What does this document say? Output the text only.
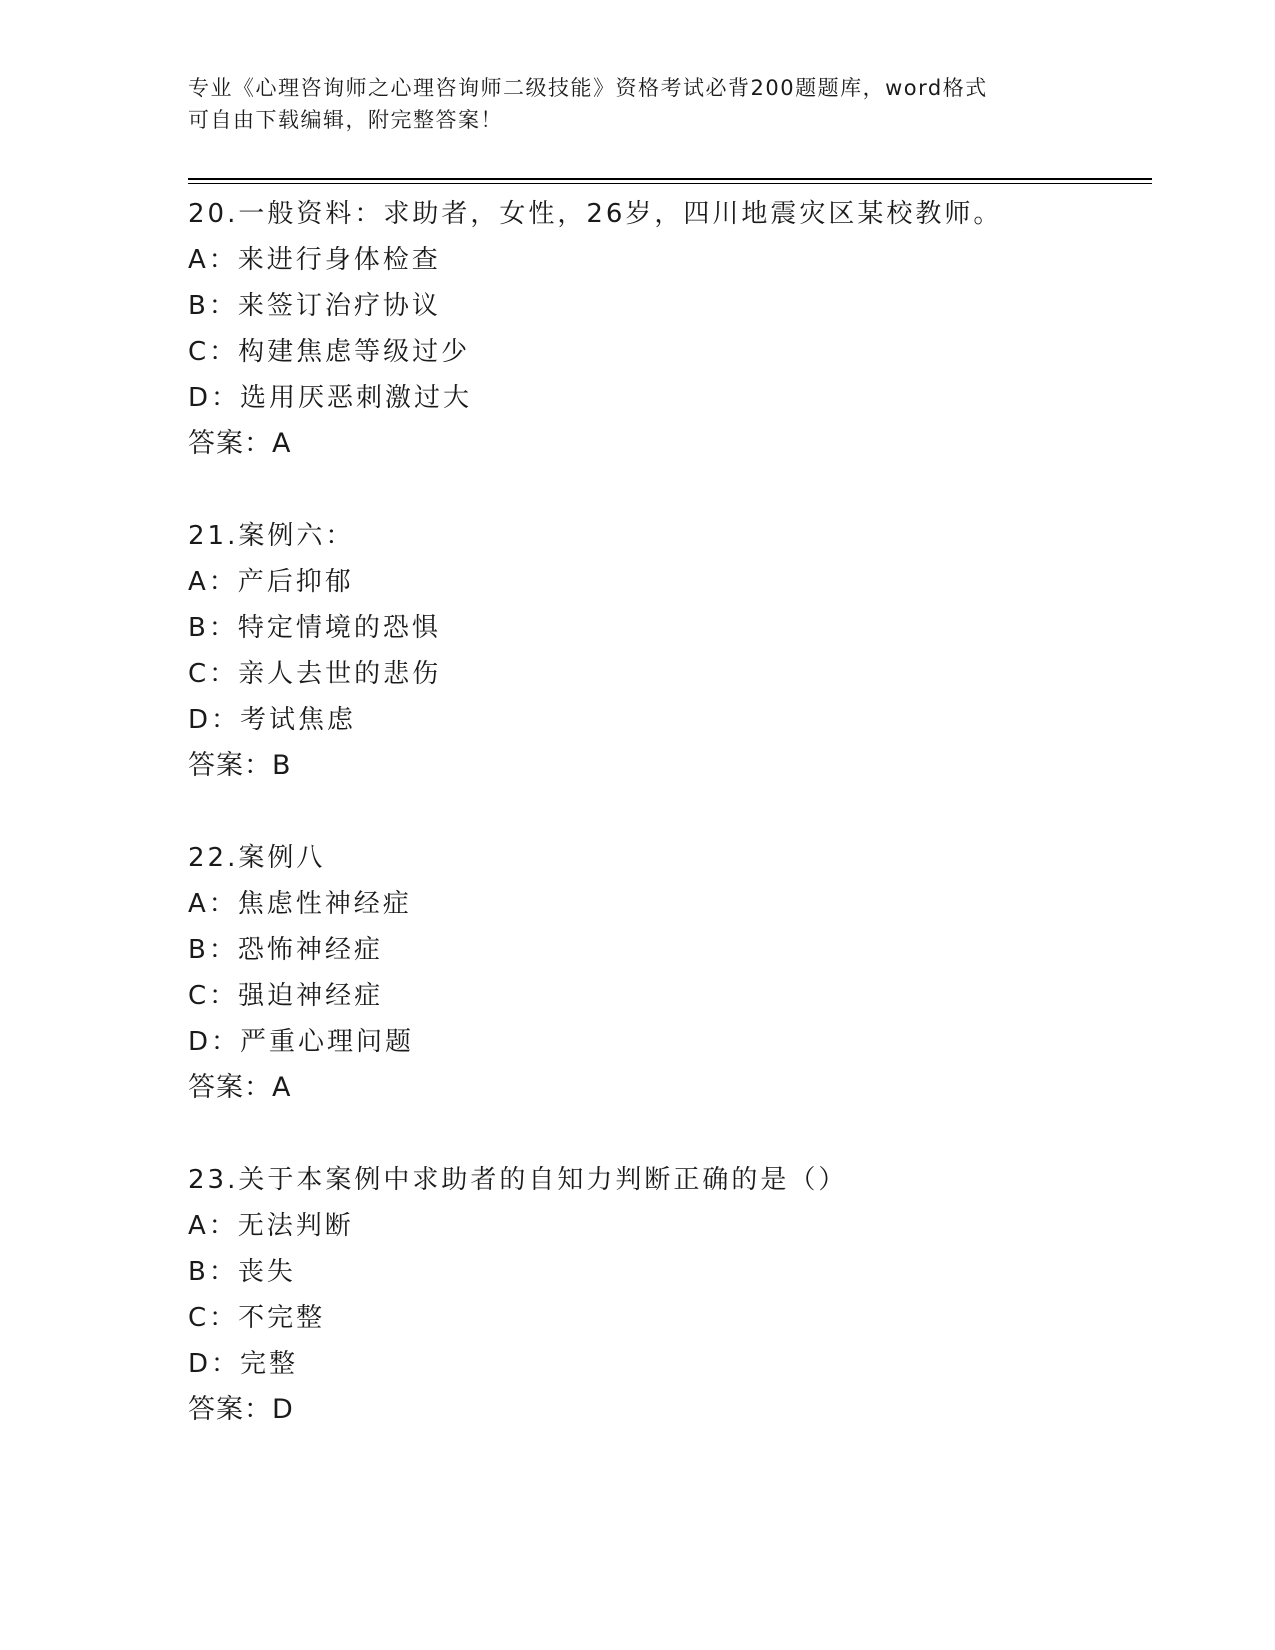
专业《心理咨询师之心理咨询师二级技能》资格考试必背200题题库，word格式
可自由下载编辑，附完整答案！
20.一般资料：求助者，女性，26岁，四川地震灾区某校教师。
A：来进行身体检查
B：来签订治疗协议
C：构建焦虑等级过少
D：选用厌恶刺激过大
答案：A
21.案例六：
A：产后抑郁
B：特定情境的恐惧
C：亲人去世的悲伤
D：考试焦虑
答案：B
22.案例八
A：焦虑性神经症
B：恐怖神经症
C：强迫神经症
D：严重心理问题
答案：A
23.关于本案例中求助者的自知力判断正确的是（）
A：无法判断
B：丧失
C：不完整
D：完整
答案：D
